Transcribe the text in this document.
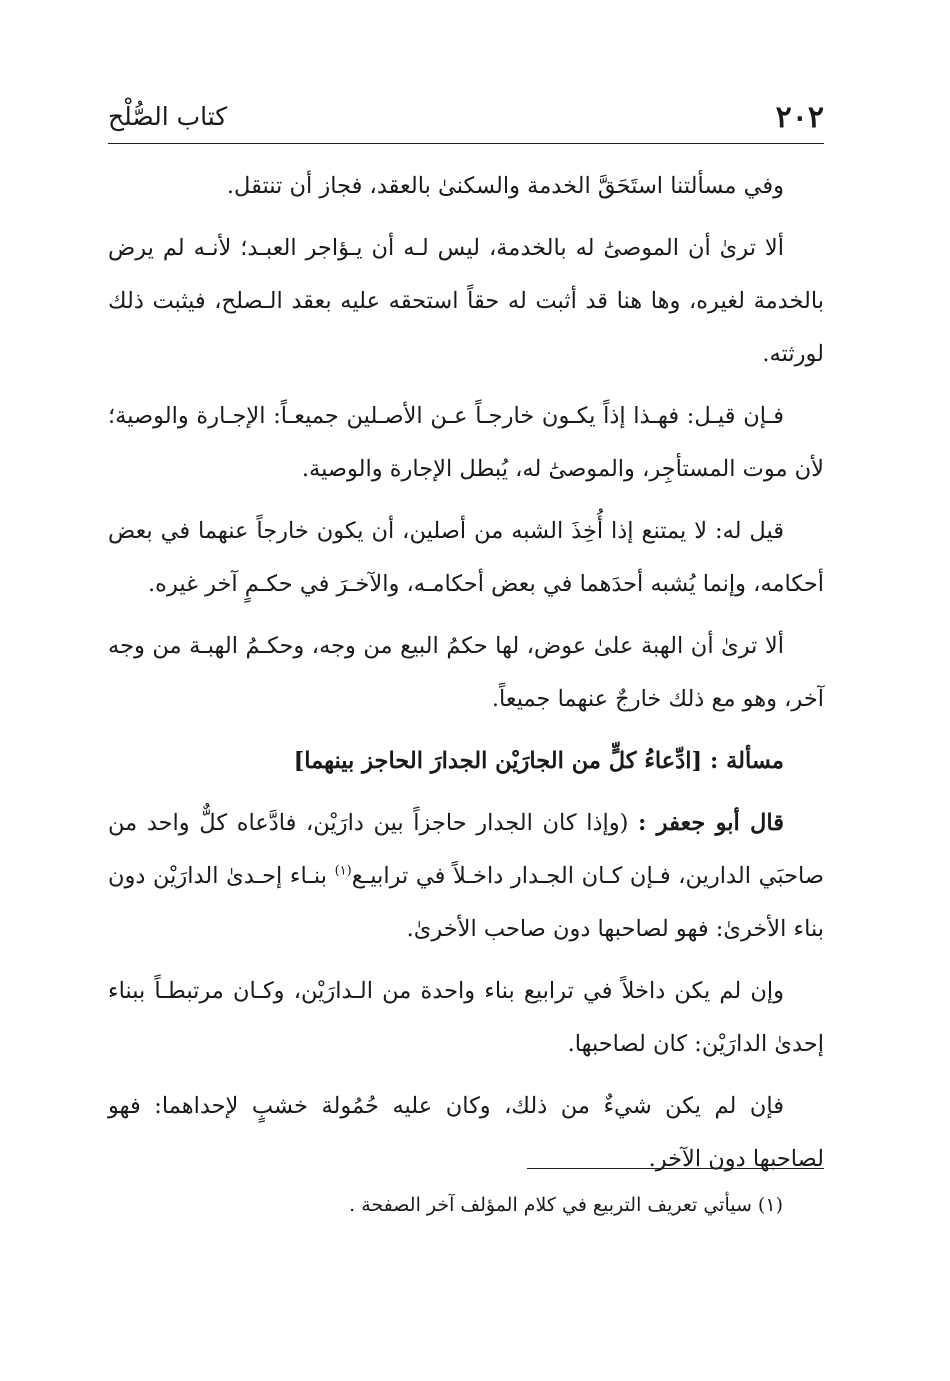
٢٠٢
كتاب الصُّلْح

وفي مسألتنا استَحَقَّ الخدمة والسكنىٰ بالعقد، فجاز أن تنتقل.

ألا ترىٰ أن الموصىَٰ له بالخدمة، ليس لـه أن يـؤاجر العبـد؛ لأنـه لم يرض بالخدمة لغيره، وها هنا قد أثبت له حقاً استحقه عليه بعقد الـصلح، فيثبت ذلك لورثته.

فـإن قيـل: فهـذا إذاً يكـون خارجـاً عـن الأصـلين جميعـاً: الإجـارة والوصية؛ لأن موت المستأجِر، والموصىَٰ له، يُبطل الإجارة والوصية.

قيل له: لا يمتنع إذا أُخِذَ الشبه من أصلين، أن يكون خارجاً عنهما في بعض أحكامه، وإنما يُشبه أحدَهما في بعض أحكامـه، والآخـرَ في حكـمٍ آخر غيره.

ألا ترىٰ أن الهبة علىٰ عوض، لها حكمُ البيع من وجه، وحكـمُ الهبـة من وجه آخر، وهو مع ذلك خارجٌ عنهما جميعاً.

مسألة : [ادِّعاءُ كلٍّ من الجارَيْن الجدارَ الحاجز بينهما]

قال أبو جعفر : (وإذا كان الجدار حاجزاً بين دارَيْن، فادَّعاه كلٌّ واحد من صاحبَي الدارين، فـإن كـان الجـدار داخـلاً في ترابيـع$^{(١)}$ بنـاء إحـدىٰ الدارَيْن دون بناء الأخرىٰ: فهو لصاحبها دون صاحب الأخرىٰ.

وإن لم يكن داخلاً في ترابيع بناء واحدة من الـدارَيْن، وكـان مرتبطـاً ببناء إحدىٰ الدارَيْن: كان لصاحبها.

فإن لم يكن شيءٌ من ذلك، وكان عليه حُمُولة خشبٍ لإحداهما: فهو لصاحبها دون الآخر.

(١) سيأتي تعريف التربيع في كلام المؤلف آخر الصفحة .
